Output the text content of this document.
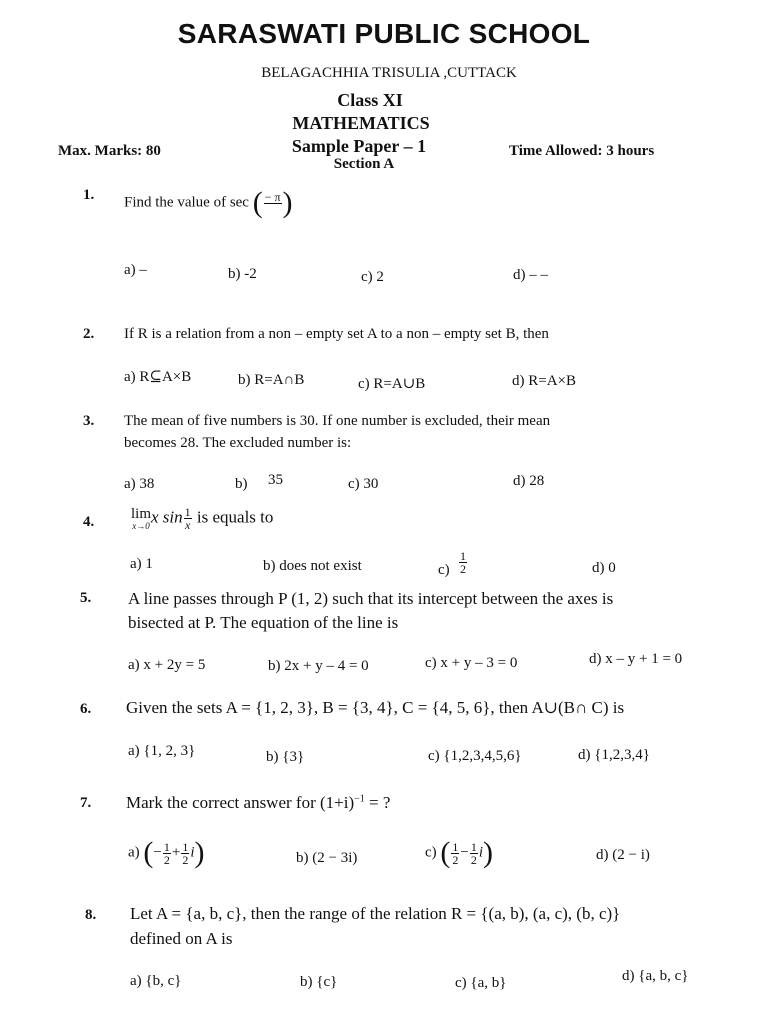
SARASWATI PUBLIC SCHOOL
BELAGACHHIA TRISULIA ,CUTTACK
Class XI
MATHEMATICS
Sample Paper – 1
Section A
Max. Marks: 80	Time Allowed: 3 hours
1. Find the value of sec ( − π
)
a) –	b) -2	c) 2	d) – –
2. If R is a relation from a non – empty set A to a non – empty set B, then
a) R⊆A×B	b) R=A∩B	c) R=A∪B	d) R=A×B
3. The mean of five numbers is 30. If one number is excluded, their mean
becomes 28. The excluded number is:
a) 38	b) 35	c) 30	d) 28
4.
lim
x→0 x $\sin \frac{1}{x}$ is equals to
a) 1	b) does not exist	$c) \frac{1}{2}$	d) 0
5. A line passes through P (1, 2) such that its intercept between the axes is
bisected at P. The equation of the line is
a) x + 2y = 5	b) 2x + y – 4 = 0	c) x + y – 3 = 0	d) x – y + 1 = 0
6. Given the sets A = {1, 2, 3}, B = {3, 4}, C = {4, 5, 6}, then A∪(B∩ C) is
a) {1, 2, 3}	b) {3}	c) {1,2,3,4,5,6}	d) {1,2,3,4}
7. Mark the correct answer for $(1+i)^{-1}$ = ?
a) (− $\frac{1}{2} + \frac{1}{2} i$)	b) (2 − 3i)	c) ( $\frac{1}{2} - \frac{1}{2} i$)	d) (2 − i)
8. Let A = {a, b, c}, then the range of the relation R = {(a, b), (a, c), (b, c)}
defined on A is
a) {b, c}	b) {c}	c) {a, b}	d) {a, b, c}
